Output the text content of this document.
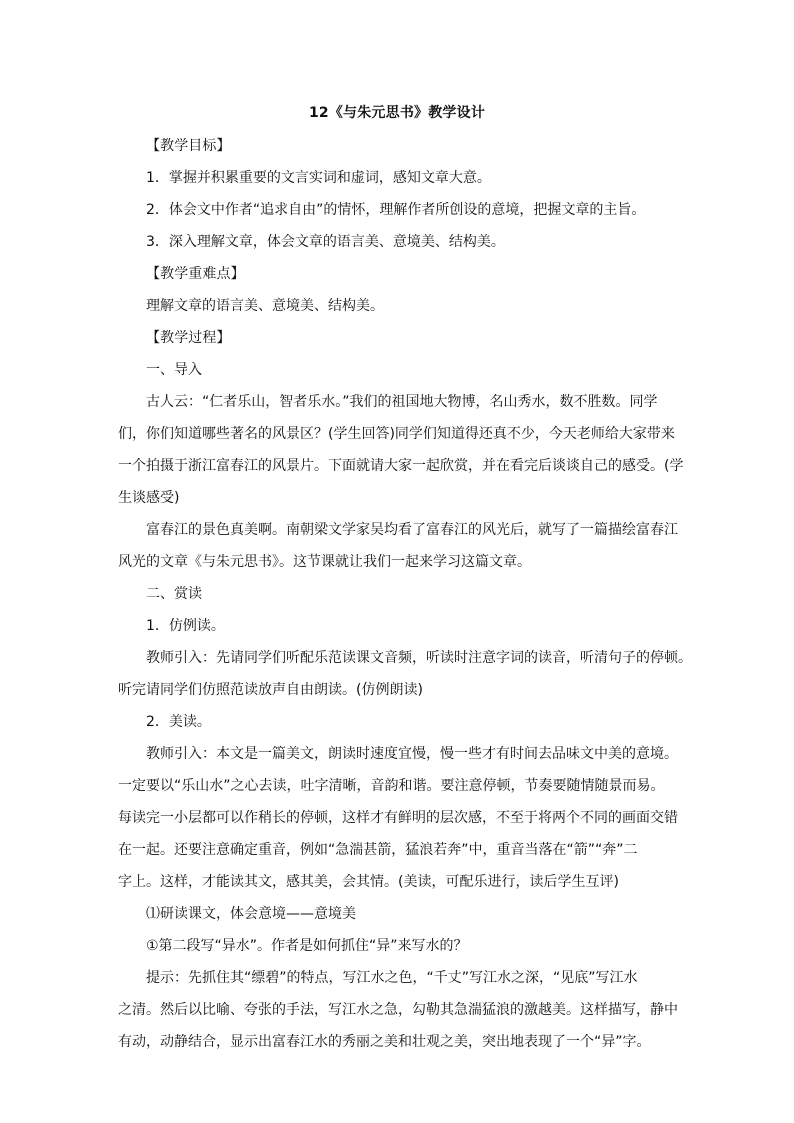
12《与朱元思书》教学设计

【教学目标】

1．掌握并积累重要的文言实词和虚词，感知文章大意。

2．体会文中作者“追求自由”的情怀，理解作者所创设的意境，把握文章的主旨。

3．深入理解文章，体会文章的语言美、意境美、结构美。

【教学重难点】

理解文章的语言美、意境美、结构美。

【教学过程】

一、导入

古人云：“仁者乐山，智者乐水。”我们的祖国地大物博，名山秀水，数不胜数。同学

们，你们知道哪些著名的风景区？(学生回答)同学们知道得还真不少，今天老师给大家带来

一个拍摄于浙江富春江的风景片。下面就请大家一起欣赏，并在看完后谈谈自己的感受。(学

生谈感受)

富春江的景色真美啊。南朝梁文学家吴均看了富春江的风光后，就写了一篇描绘富春江

风光的文章《与朱元思书》。这节课就让我们一起来学习这篇文章。

二、赏读

1．仿例读。

教师引入：先请同学们听配乐范读课文音频，听读时注意字词的读音，听清句子的停顿。

听完请同学们仿照范读放声自由朗读。(仿例朗读)

2．美读。

教师引入：本文是一篇美文，朗读时速度宜慢，慢一些才有时间去品味文中美的意境。

一定要以“乐山水”之心去读，吐字清晰，音韵和谐。要注意停顿，节奏要随情随景而易。

每读完一小层都可以作稍长的停顿，这样才有鲜明的层次感，不至于将两个不同的画面交错

在一起。还要注意确定重音，例如“急湍甚箭，猛浪若奔”中，重音当落在“箭”“奔”二

字上。这样，才能读其文，感其美，会其情。(美读，可配乐进行，读后学生互评)

⑴研读课文，体会意境——意境美

①第二段写“异水”。作者是如何抓住“异”来写水的？

提示：先抓住其“缥碧”的特点，写江水之色，“千丈”写江水之深，“见底”写江水

之清。然后以比喻、夸张的手法，写江水之急，勾勒其急湍猛浪的激越美。这样描写，静中

有动，动静结合，显示出富春江水的秀丽之美和壮观之美，突出地表现了一个“异”字。
